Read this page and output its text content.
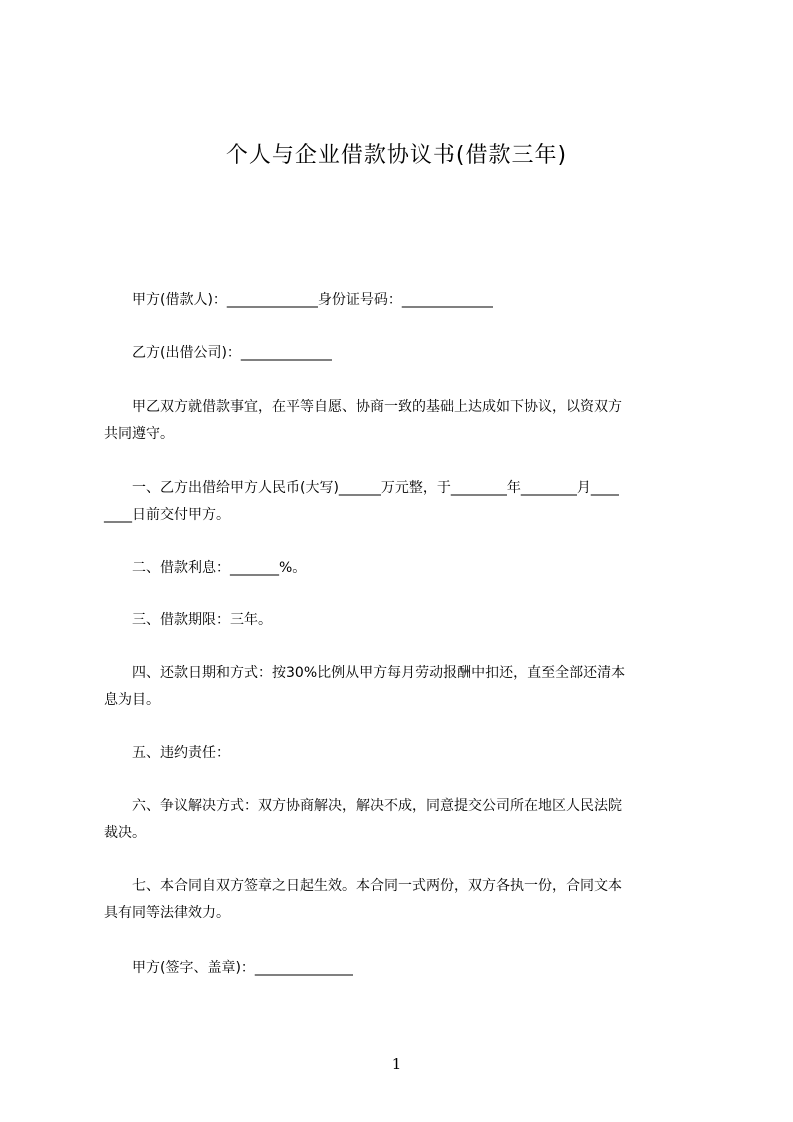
个人与企业借款协议书(借款三年)
　　甲方(借款人)：_____________身份证号码：_____________
　　乙方(出借公司)：_____________
　　甲乙双方就借款事宜，在平等自愿、协商一致的基础上达成如下协议，以资双方
共同遵守。
　　一、乙方出借给甲方人民币(大写)______万元整，于________年________月____
____日前交付甲方。
　　二、借款利息：_______%。
　　三、借款期限：三年。
　　四、还款日期和方式：按30%比例从甲方每月劳动报酬中扣还，直至全部还清本
息为目。
　　五、违约责任：
　　六、争议解决方式：双方协商解决，解决不成，同意提交公司所在地区人民法院
裁决。
　　七、本合同自双方签章之日起生效。本合同一式两份，双方各执一份，合同文本
具有同等法律效力。
　　甲方(签字、盖章)：______________
1
